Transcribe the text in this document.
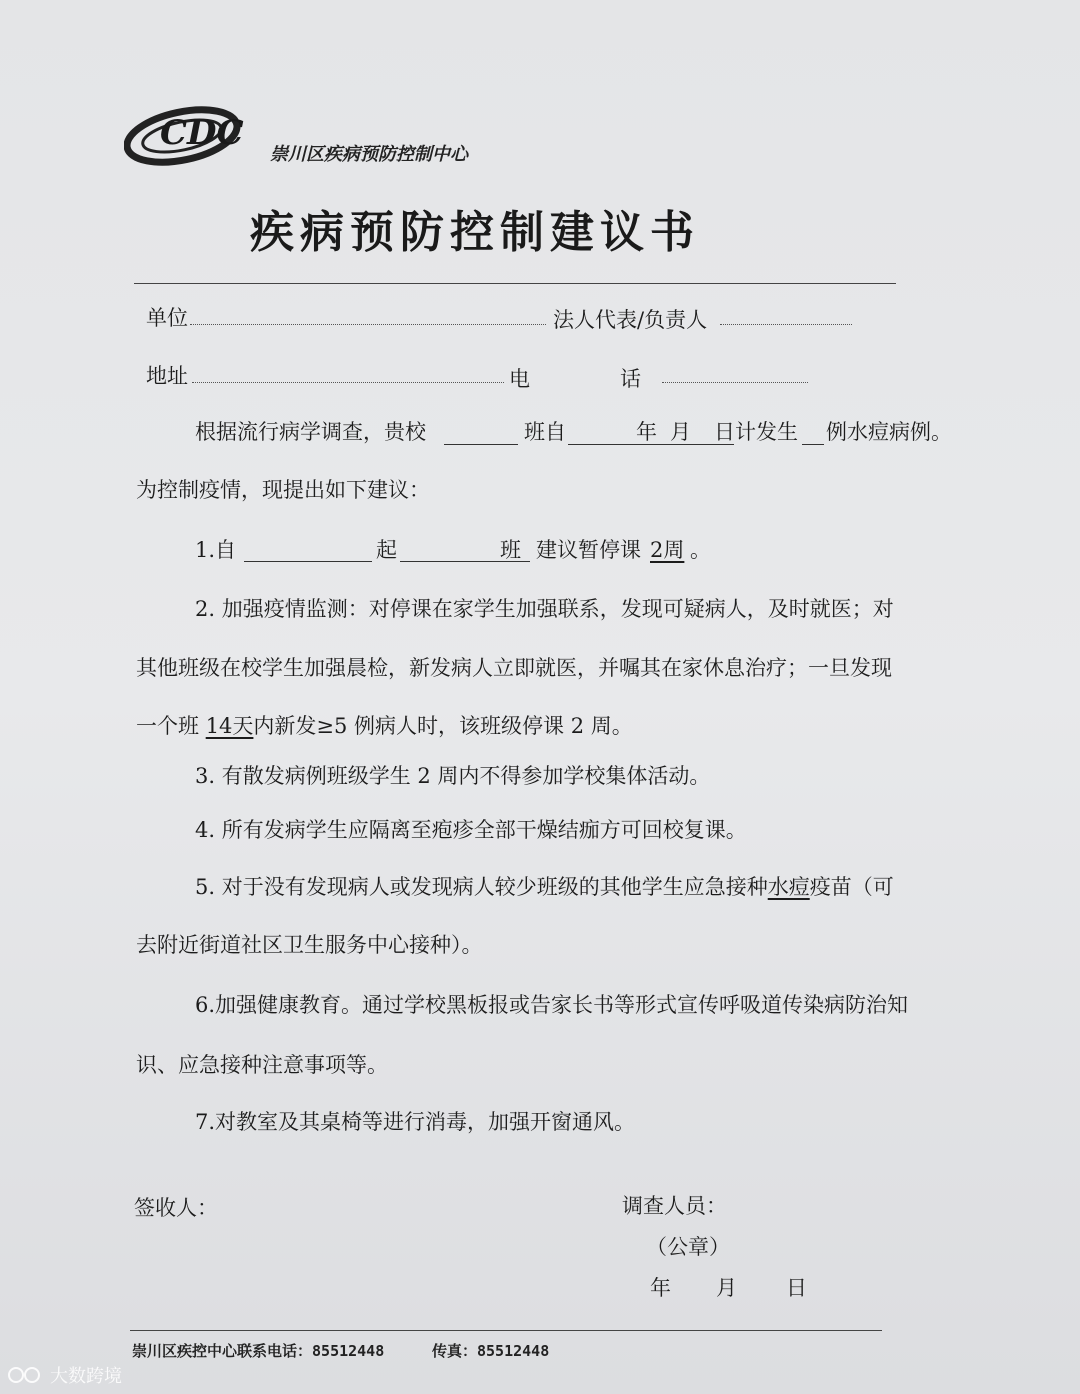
CDC
崇川区疾病预防控制中心
疾病预防控制建议书
单位	法人代表/负责人
地址	电	话
根据流行病学调查，贵校	班自	年 月 日计发生 例水痘病例。
为控制疫情，现提出如下建议：
1.自	起	班 建议暂停课 2周 。
2. 加强疫情监测：对停课在家学生加强联系，发现可疑病人，及时就医；对
其他班级在校学生加强晨检，新发病人立即就医，并嘱其在家休息治疗；一旦发现
一个班 14天内新发≥5 例病人时，该班级停课 2 周。
3. 有散发病例班级学生 2 周内不得参加学校集体活动。
4. 所有发病学生应隔离至疱疹全部干燥结痂方可回校复课。
5. 对于没有发现病人或发现病人较少班级的其他学生应急接种水痘疫苗（可
去附近街道社区卫生服务中心接种）。
6.加强健康教育。通过学校黑板报或告家长书等形式宣传呼吸道传染病防治知
识、应急接种注意事项等。
7.对教室及其桌椅等进行消毒，加强开窗通风。
签收人：	调查人员：
（公章）
年 月 日
崇川区疾控中心联系电话：85512448	传真：85512448
大数跨境
